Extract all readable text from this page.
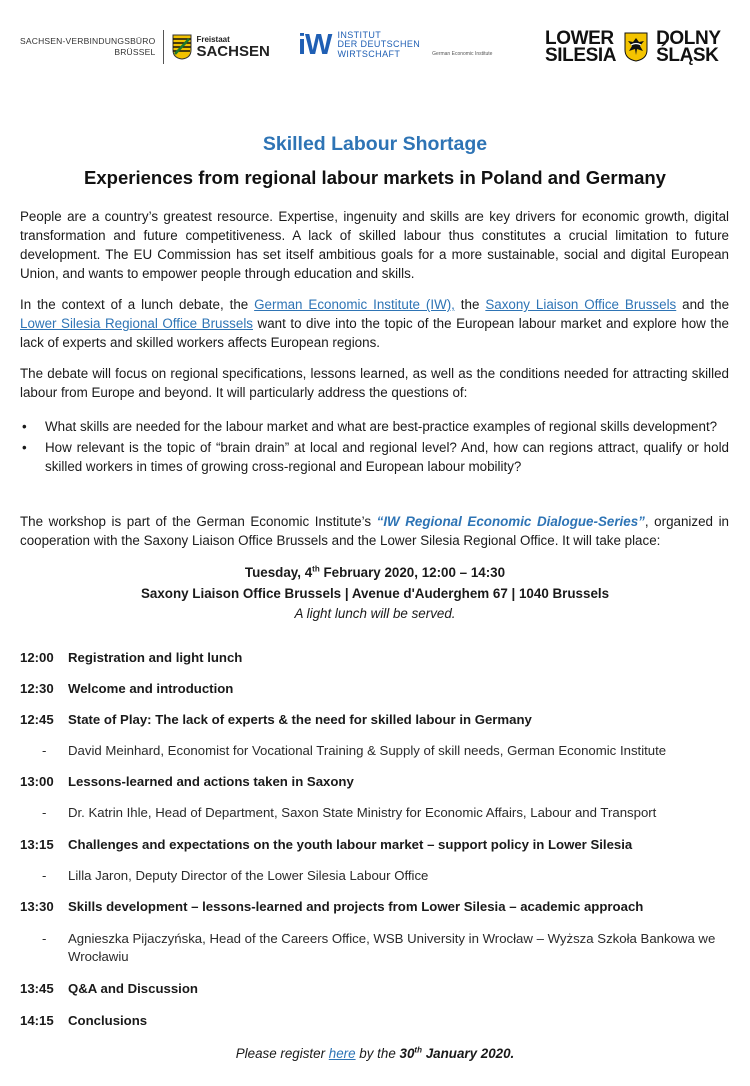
SACHSEN-VERBINDUNGSBÜRO
BRÜSSEL
Freistaat
SACHSEN iW INSTITUT
DER DEUTSCHEN
WIRTSCHAFT	German Economic Institute
LOWER
SILESIA
DOLNY
ŚLĄSK
Skilled Labour Shortage
Experiences from regional labour markets in Poland and Germany
People are a country’s greatest resource. Expertise, ingenuity and skills are key drivers for economic growth, digital transformation and future competitiveness. A lack of skilled labour thus constitutes a crucial limitation to future development. The EU Commission has set itself ambitious goals for a more sustainable, social and digital European Union, and wants to empower people through education and skills.
In the context of a lunch debate, the German Economic Institute (IW), the Saxony Liaison Office Brussels and the Lower Silesia Regional Office Brussels want to dive into the topic of the European labour market and explore how the lack of experts and skilled workers affects European regions.
The debate will focus on regional specifications, lessons learned, as well as the conditions needed for attracting skilled labour from Europe and beyond. It will particularly address the questions of:
• What skills are needed for the labour market and what are best-practice examples of regional skills development?
• How relevant is the topic of “brain drain” at local and regional level? And, how can regions attract, qualify or hold skilled workers in times of growing cross-regional and European labour mobility?
The workshop is part of the German Economic Institute’s “IW Regional Economic Dialogue-Series”, organized in cooperation with the Saxony Liaison Office Brussels and the Lower Silesia Regional Office. It will take place:
Tuesday, 4th February 2020, 12:00 – 14:30
Saxony Liaison Office Brussels | Avenue d'Auderghem 67 | 1040 Brussels
A light lunch will be served.
12:00 Registration and light lunch
12:30 Welcome and introduction
12:45 State of Play: The lack of experts & the need for skilled labour in Germany
- David Meinhard, Economist for Vocational Training & Supply of skill needs, German Economic Institute
13:00 Lessons-learned and actions taken in Saxony
- Dr. Katrin Ihle, Head of Department, Saxon State Ministry for Economic Affairs, Labour and Transport
13:15 Challenges and expectations on the youth labour market – support policy in Lower Silesia
- Lilla Jaron, Deputy Director of the Lower Silesia Labour Office
13:30 Skills development – lessons-learned and projects from Lower Silesia – academic approach
- Agnieszka Pijaczyńska, Head of the Careers Office, WSB University in Wrocław – Wyższa Szkoła Bankowa we Wrocławiu
13:45 Q&A and Discussion
14:15 Conclusions
Please register here by the 30th January 2020.
